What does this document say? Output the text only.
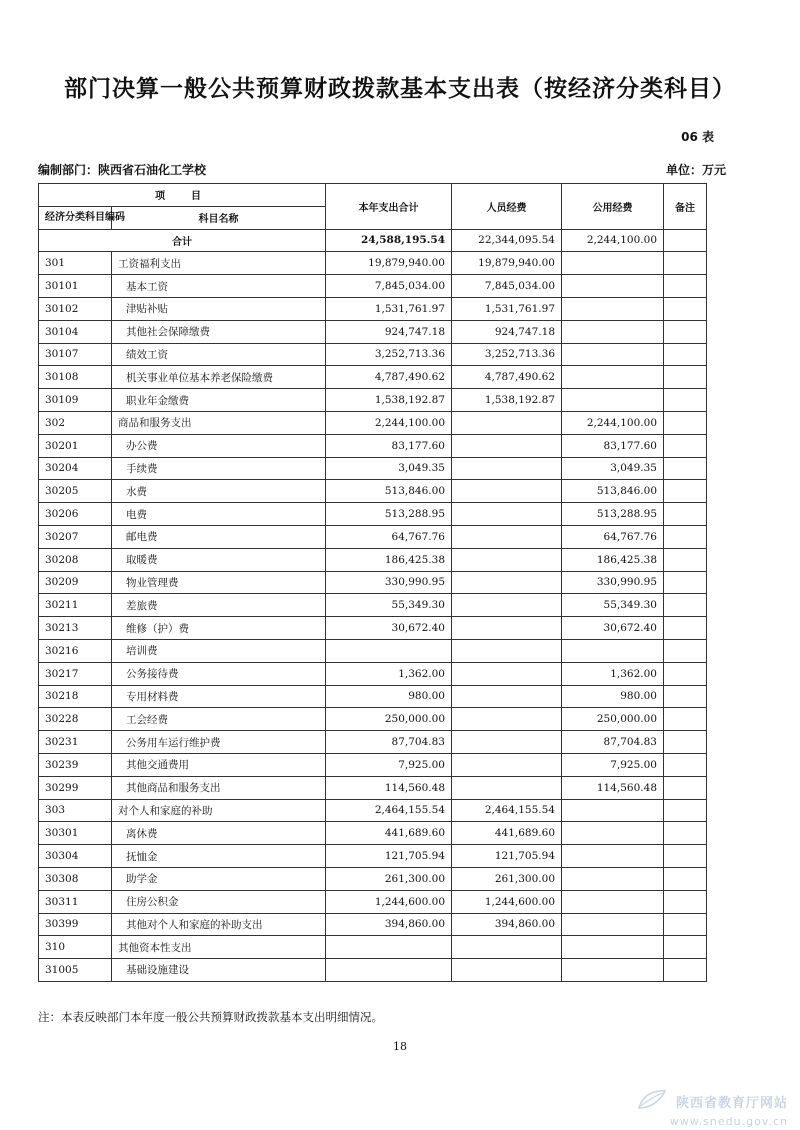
部门决算一般公共预算财政拨款基本支出表（按经济分类科目）
06 表
编制部门：陕西省石油化工学校	单位：万元
项　目		本年支出合计	人员经费	公用经费	备注
经济分类科目编码	科目名称				
合计		24,588,195.54	22,344,095.54	2,244,100.00	
301	工资福利支出	19,879,940.00	19,879,940.00		
30101	基本工资	7,845,034.00	7,845,034.00		
30102	津贴补贴	1,531,761.97	1,531,761.97		
30104	其他社会保障缴费	924,747.18	924,747.18		
30107	绩效工资	3,252,713.36	3,252,713.36		
30108	机关事业单位基本养老保险缴费	4,787,490.62	4,787,490.62		
30109	职业年金缴费	1,538,192.87	1,538,192.87		
302	商品和服务支出	2,244,100.00		2,244,100.00	
30201	办公费	83,177.60		83,177.60	
30204	手续费	3,049.35		3,049.35	
30205	水费	513,846.00		513,846.00	
30206	电费	513,288.95		513,288.95	
30207	邮电费	64,767.76		64,767.76	
30208	取暖费	186,425.38		186,425.38	
30209	物业管理费	330,990.95		330,990.95	
30211	差旅费	55,349.30		55,349.30	
30213	维修（护）费	30,672.40		30,672.40	
30216	培训费				
30217	公务接待费	1,362.00		1,362.00	
30218	专用材料费	980.00		980.00	
30228	工会经费	250,000.00		250,000.00	
30231	公务用车运行维护费	87,704.83		87,704.83	
30239	其他交通费用	7,925.00		7,925.00	
30299	其他商品和服务支出	114,560.48		114,560.48	
303	对个人和家庭的补助	2,464,155.54	2,464,155.54		
30301	离休费	441,689.60	441,689.60		
30304	抚恤金	121,705.94	121,705.94		
30308	助学金	261,300.00	261,300.00		
30311	住房公积金	1,244,600.00	1,244,600.00		
30399	其他对个人和家庭的补助支出	394,860.00	394,860.00		
310	其他资本性支出				
31005	基础设施建设				
注：本表反映部门本年度一般公共预算财政拨款基本支出明细情况。
18
陕西省教育厅网站
www.snedu.gov.cn
